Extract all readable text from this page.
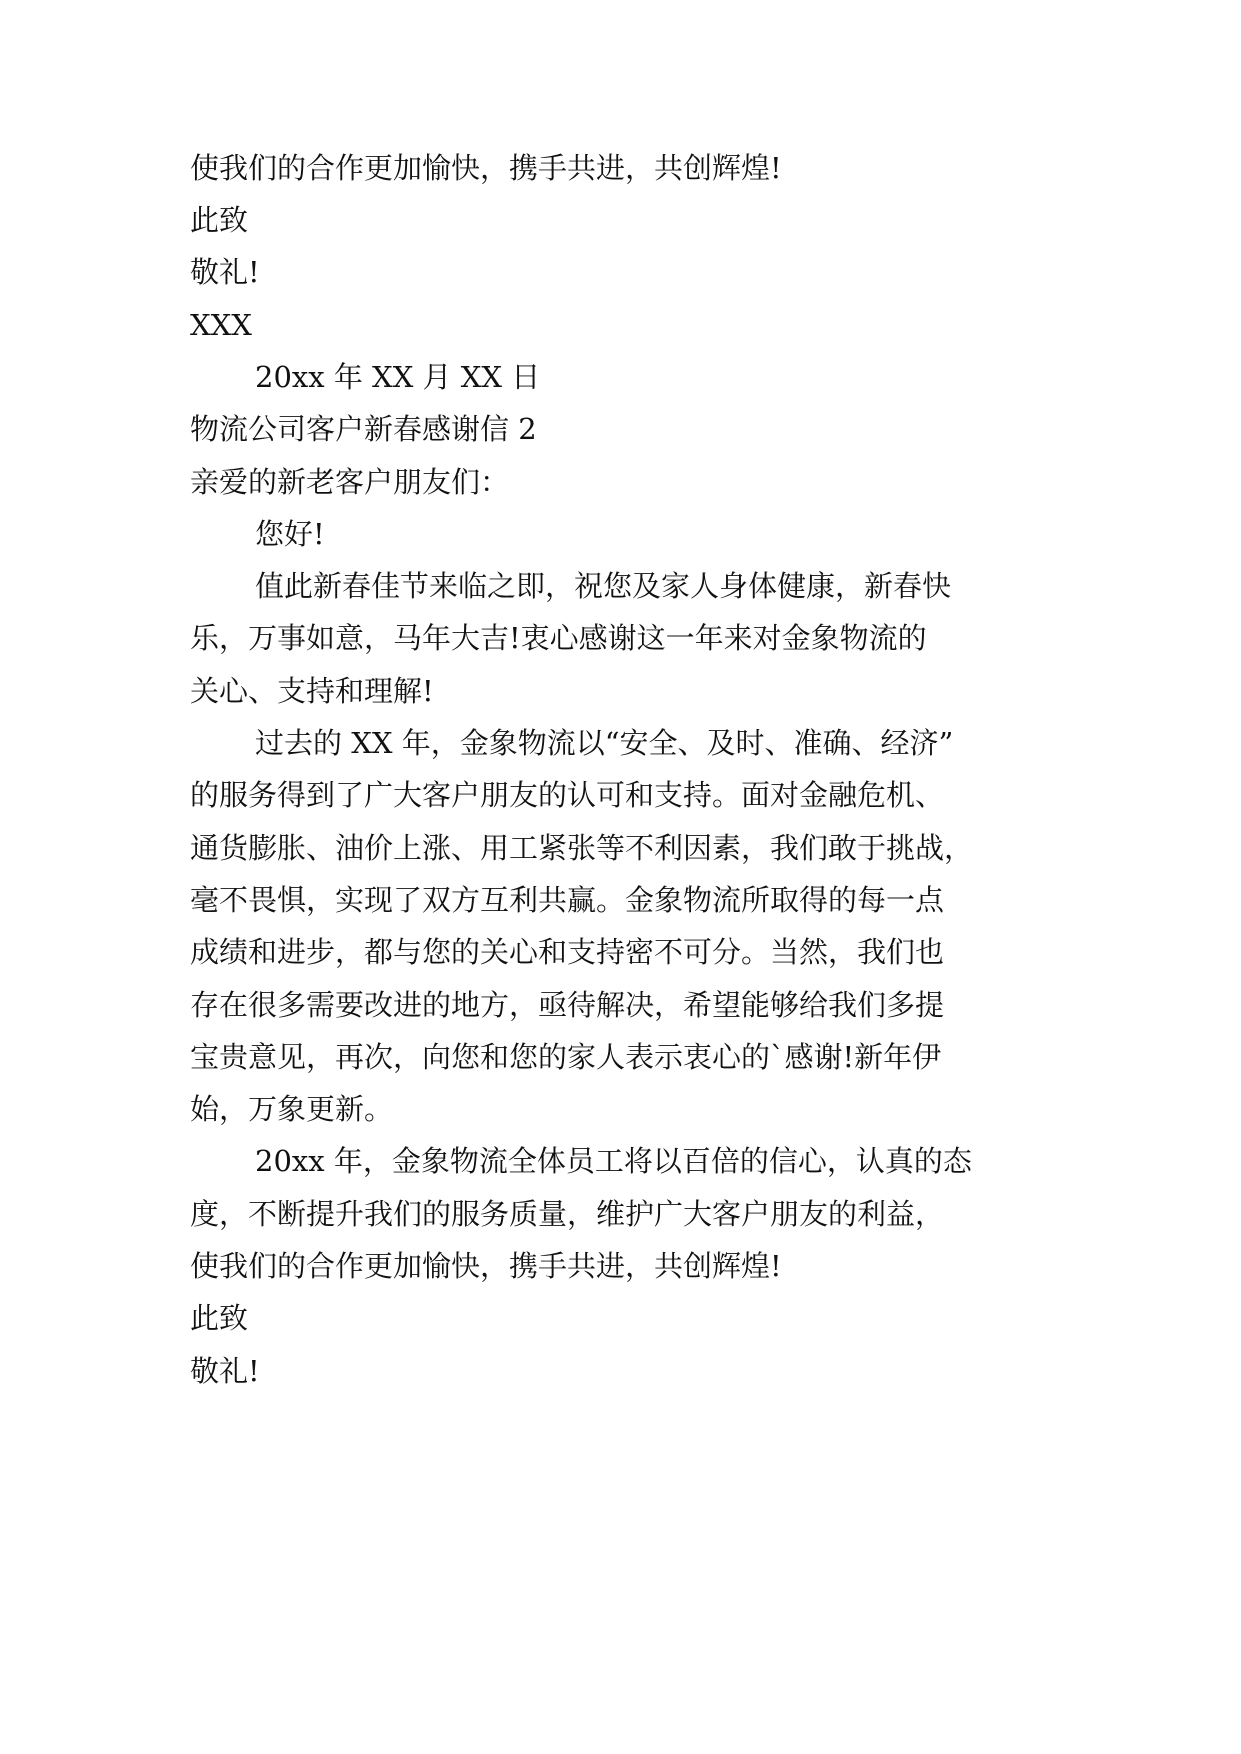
使我们的合作更加愉快，携手共进，共创辉煌!
此致
敬礼!
XXX
20xx 年 XX 月 XX 日
物流公司客户新春感谢信 2
亲爱的新老客户朋友们：
您好!
值此新春佳节来临之即，祝您及家人身体健康，新春快
乐，万事如意，马年大吉!衷心感谢这一年来对金象物流的
关心、支持和理解!
过去的 XX 年，金象物流以“安全、及时、准确、经济”
的服务得到了广大客户朋友的认可和支持。面对金融危机、
通货膨胀、油价上涨、用工紧张等不利因素，我们敢于挑战，
毫不畏惧，实现了双方互利共赢。金象物流所取得的每一点
成绩和进步，都与您的关心和支持密不可分。当然，我们也
存在很多需要改进的地方，亟待解决，希望能够给我们多提
宝贵意见，再次，向您和您的家人表示衷心的`感谢!新年伊
始，万象更新。
20xx 年，金象物流全体员工将以百倍的信心，认真的态
度，不断提升我们的服务质量，维护广大客户朋友的利益，
使我们的合作更加愉快，携手共进，共创辉煌!
此致
敬礼!
